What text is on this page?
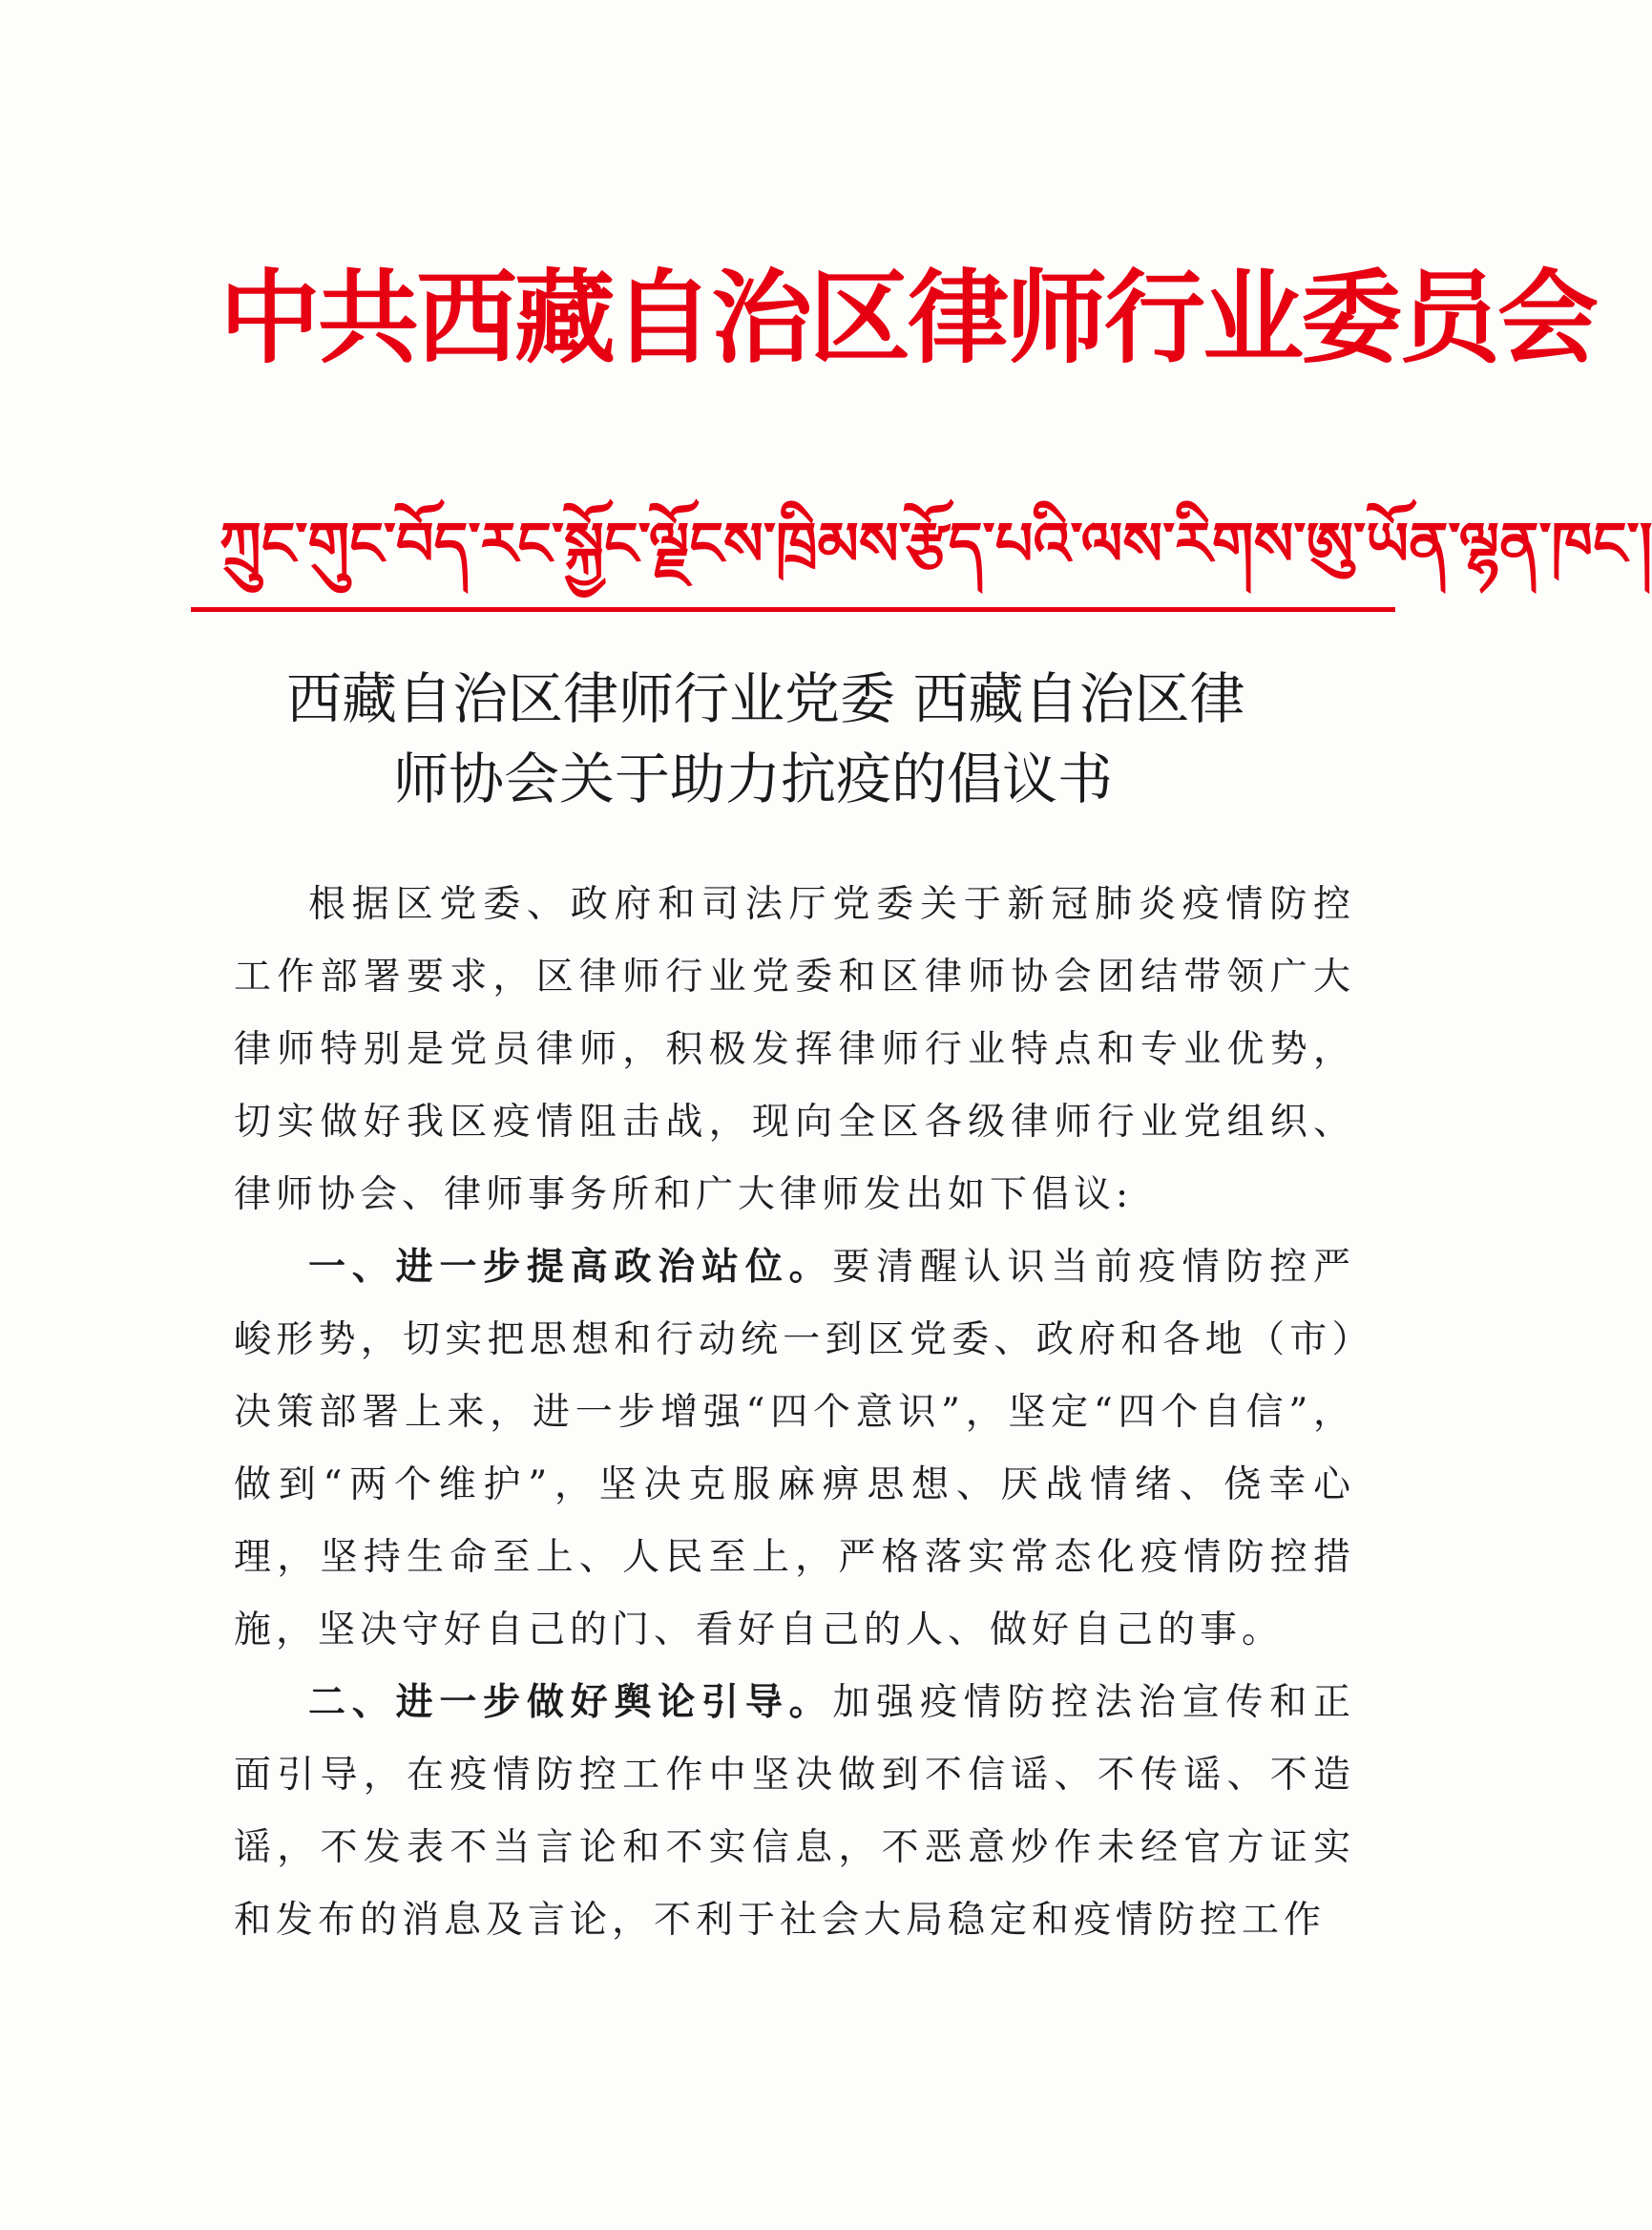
中共西藏自治区律师行业委员会
ཀྲུང་གུང་བོད་རང་སྐྱོང་ལྗོངས་ཁྲིམས་རྩོད་པའི་ལས་རིགས་ཨུ་ཡོན་ལྷན་ཁང་།
西藏自治区律师行业党委 西藏自治区律
师协会关于助力抗疫的倡议书

根据区党委、政府和司法厅党委关于新冠肺炎疫情防控工作部署要求，区律师行业党委和区律师协会团结带领广大律师特别是党员律师，积极发挥律师行业特点和专业优势，切实做好我区疫情阻击战，现向全区各级律师行业党组织、律师协会、律师事务所和广大律师发出如下倡议:

一、进一步提高政治站位。要清醒认识当前疫情防控严峻形势，切实把思想和行动统一到区党委、政府和各地（市）决策部署上来，进一步增强“四个意识”，坚定“四个自信”，做到“两个维护”，坚决克服麻痹思想、厌战情绪、侥幸心理，坚持生命至上、人民至上，严格落实常态化疫情防控措施，坚决守好自己的门、看好自己的人、做好自己的事。

二、进一步做好舆论引导。加强疫情防控法治宣传和正面引导，在疫情防控工作中坚决做到不信谣、不传谣、不造谣，不发表不当言论和不实信息，不恶意炒作未经官方证实和发布的消息及言论，不利于社会大局稳定和疫情防控工作
